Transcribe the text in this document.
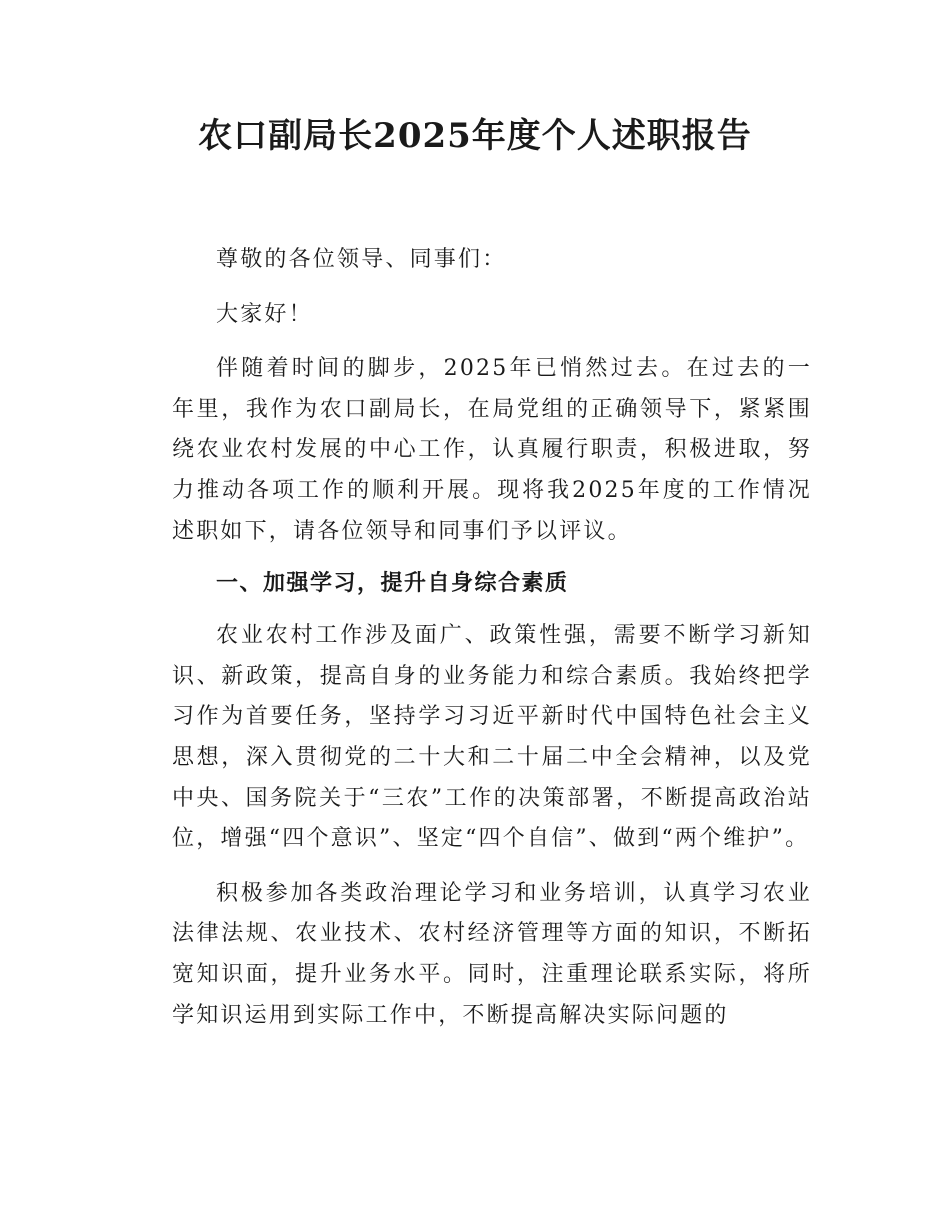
农口副局长2025年度个人述职报告

尊敬的各位领导、同事们：

大家好！

伴随着时间的脚步，2025年已悄然过去。在过去的一年里，我作为农口副局长，在局党组的正确领导下，紧紧围绕农业农村发展的中心工作，认真履行职责，积极进取，努力推动各项工作的顺利开展。现将我2025年度的工作情况述职如下，请各位领导和同事们予以评议。

一、加强学习，提升自身综合素质

农业农村工作涉及面广、政策性强，需要不断学习新知识、新政策，提高自身的业务能力和综合素质。我始终把学习作为首要任务，坚持学习习近平新时代中国特色社会主义思想，深入贯彻党的二十大和二十届二中全会精神，以及党中央、国务院关于“三农”工作的决策部署，不断提高政治站位，增强“四个意识”、坚定“四个自信”、做到“两个维护”。

积极参加各类政治理论学习和业务培训，认真学习农业法律法规、农业技术、农村经济管理等方面的知识，不断拓宽知识面，提升业务水平。同时，注重理论联系实际，将所学知识运用到实际工作中，不断提高解决实际问题的
